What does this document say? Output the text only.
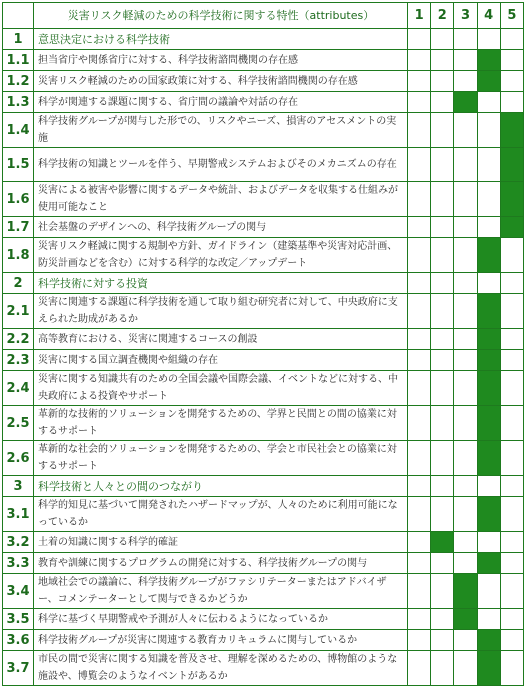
	災害リスク軽減のための科学技術に関する特性（attributes）	1	2	3	4	5
1	意思決定における科学技術					
1.1	担当省庁や関係省庁に対する、科学技術諮問機関の存在感					
1.2	災害リスク軽減のための国家政策に対する、科学技術諮問機関の存在感					
1.3	科学が関連する課題に関する、省庁間の議論や対話の存在					
1.4	科学技術グループが関与した形での、リスクやニーズ、損害のアセスメントの実施					
1.5	科学技術の知識とツールを伴う、早期警戒システムおよびそのメカニズムの存在					
1.6	災害による被害や影響に関するデータや統計、およびデータを収集する仕組みが使用可能なこと					
1.7	社会基盤のデザインへの、科学技術グループの関与					
1.8	災害リスク軽減に関する規制や方針、ガイドライン（建築基準や災害対応計画、防災計画などを含む）に対する科学的な改定／アップデート					
2	科学技術に対する投資					
2.1	災害に関連する課題に科学技術を通して取り組む研究者に対して、中央政府に支えられた助成があるか					
2.2	高等教育における、災害に関連するコースの創設					
2.3	災害に関する国立調査機関や組織の存在					
2.4	災害に関する知識共有のための全国会議や国際会議、イベントなどに対する、中央政府による投資やサポート					
2.5	革新的な技術的ソリューションを開発するための、学界と民間との間の協業に対するサポート					
2.6	革新的な社会的ソリューションを開発するための、学会と市民社会との協業に対するサポート					
3	科学技術と人々との間のつながり					
3.1	科学的知見に基づいて開発されたハザードマップが、人々のために利用可能になっているか					
3.2	土着の知識に関する科学的確証					
3.3	教育や訓練に関するプログラムの開発に対する、科学技術グループの関与					
3.4	地域社会での議論に、科学技術グループがファシリテーターまたはアドバイザー、コメンテーターとして関与できるかどうか					
3.5	科学に基づく早期警戒や予測が人々に伝わるようになっているか					
3.6	科学技術グループが災害に関連する教育カリキュラムに関与しているか					
3.7	市民の間で災害に関する知識を普及させ、理解を深めるための、博物館のような施設や、博覧会のようなイベントがあるか					
